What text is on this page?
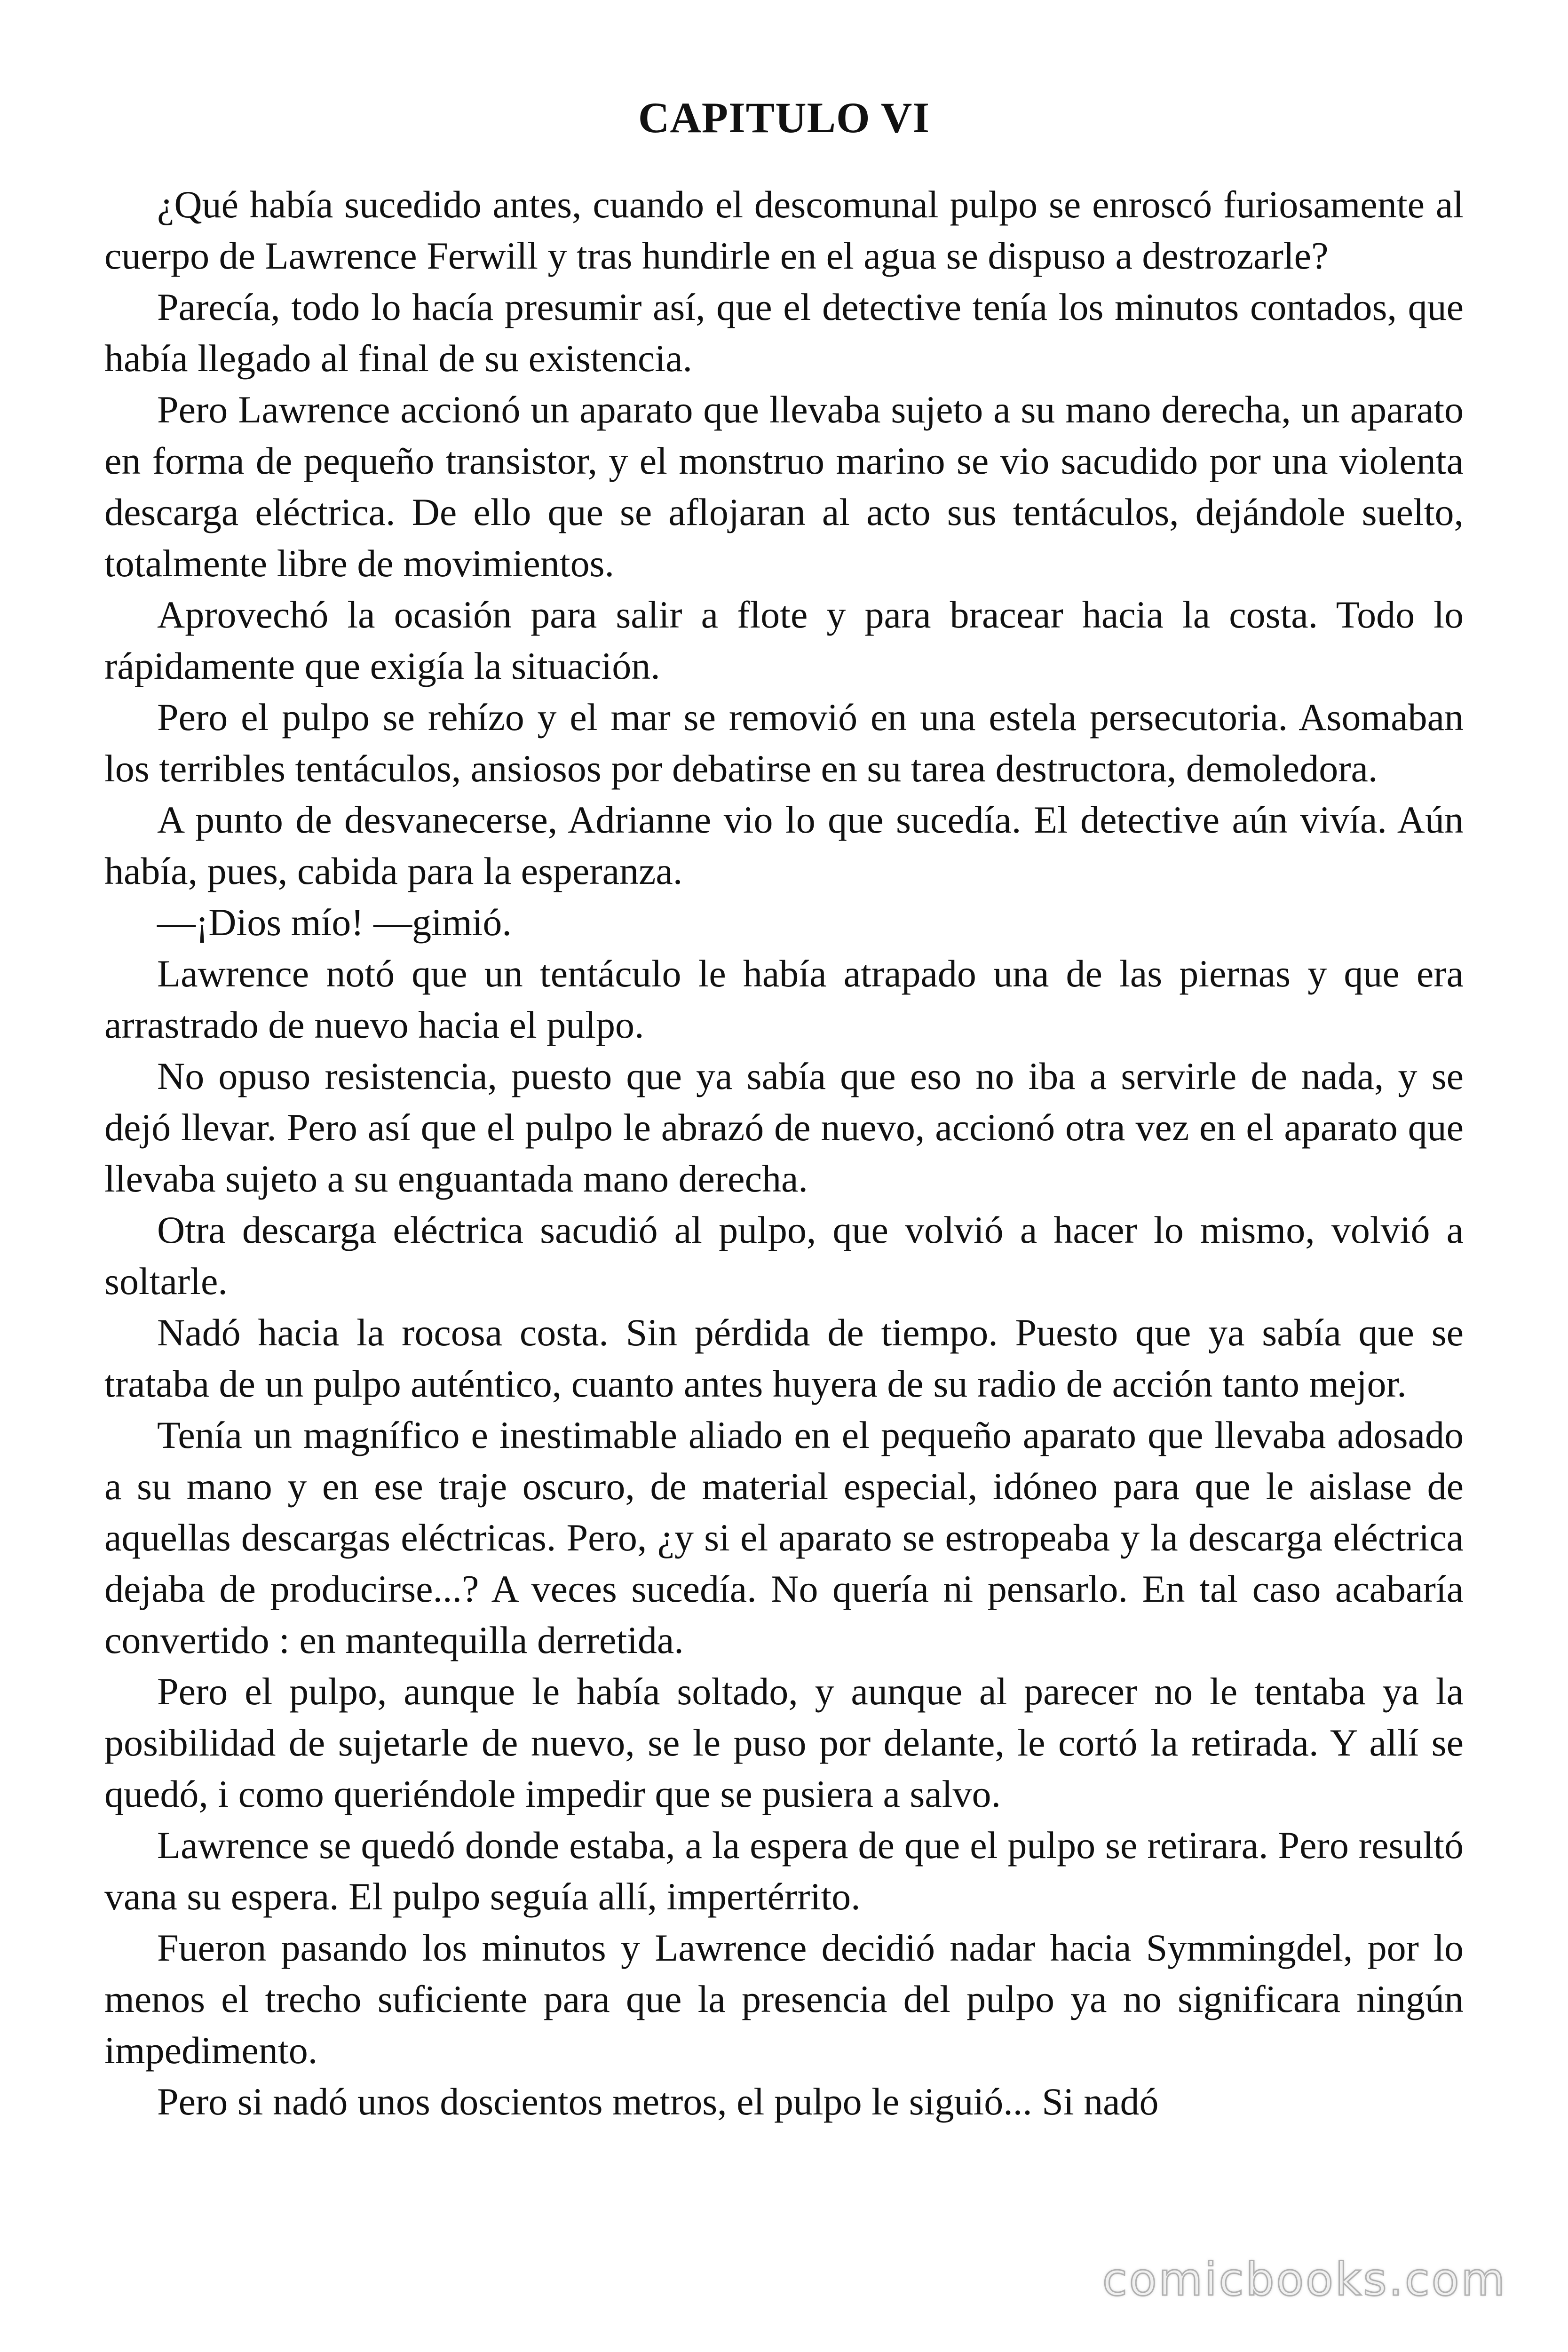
CAPITULO VI

¿Qué había sucedido antes, cuando el descomunal pulpo se enroscó furiosamente al cuerpo de Lawrence Ferwill y tras hundirle en el agua se dispuso a destrozarle?

Parecía, todo lo hacía presumir así, que el detective tenía los minutos contados, que había llegado al final de su existencia.

Pero Lawrence accionó un aparato que llevaba sujeto a su mano derecha, un aparato en forma de pequeño transistor, y el monstruo marino se vio sacudido por una violenta descarga eléctrica. De ello que se aflojaran al acto sus tentáculos, dejándole suelto, totalmente libre de movimientos.

Aprovechó la ocasión para salir a flote y para bracear hacia la costa. Todo lo rápidamente que exigía la situación.

Pero el pulpo se rehízo y el mar se removió en una estela persecutoria. Asomaban los terribles tentáculos, ansiosos por debatirse en su tarea destructora, demoledora.

A punto de desvanecerse, Adrianne vio lo que sucedía. El detective aún vivía. Aún había, pues, cabida para la esperanza.

—¡Dios mío! —gimió.

Lawrence notó que un tentáculo le había atrapado una de las piernas y que era arrastrado de nuevo hacia el pulpo.

No opuso resistencia, puesto que ya sabía que eso no iba a servirle de nada, y se dejó llevar. Pero así que el pulpo le abrazó de nuevo, accionó otra vez en el aparato que llevaba sujeto a su enguantada mano derecha.

Otra descarga eléctrica sacudió al pulpo, que volvió a hacer lo mismo, volvió a soltarle.

Nadó hacia la rocosa costa. Sin pérdida de tiempo. Puesto que ya sabía que se trataba de un pulpo auténtico, cuanto antes huyera de su radio de acción tanto mejor.

Tenía un magnífico e inestimable aliado en el pequeño aparato que llevaba adosado a su mano y en ese traje oscuro, de material especial, idóneo para que le aislase de aquellas descargas eléctricas. Pero, ¿y si el aparato se estropeaba y la descarga eléctrica dejaba de producirse...? A veces sucedía. No quería ni pensarlo. En tal caso acabaría convertido : en mantequilla derretida.

Pero el pulpo, aunque le había soltado, y aunque al parecer no le tentaba ya la posibilidad de sujetarle de nuevo, se le puso por delante, le cortó la retirada. Y allí se quedó, i como queriéndole impedir que se pusiera a salvo.

Lawrence se quedó donde estaba, a la espera de que el pulpo se retirara. Pero resultó vana su espera. El pulpo seguía allí, impertérrito.

Fueron pasando los minutos y Lawrence decidió nadar hacia Symmingdel, por lo menos el trecho suficiente para que la presencia del pulpo ya no significara ningún impedimento.

Pero si nadó unos doscientos metros, el pulpo le siguió... Si nadó

comicbooks.com
